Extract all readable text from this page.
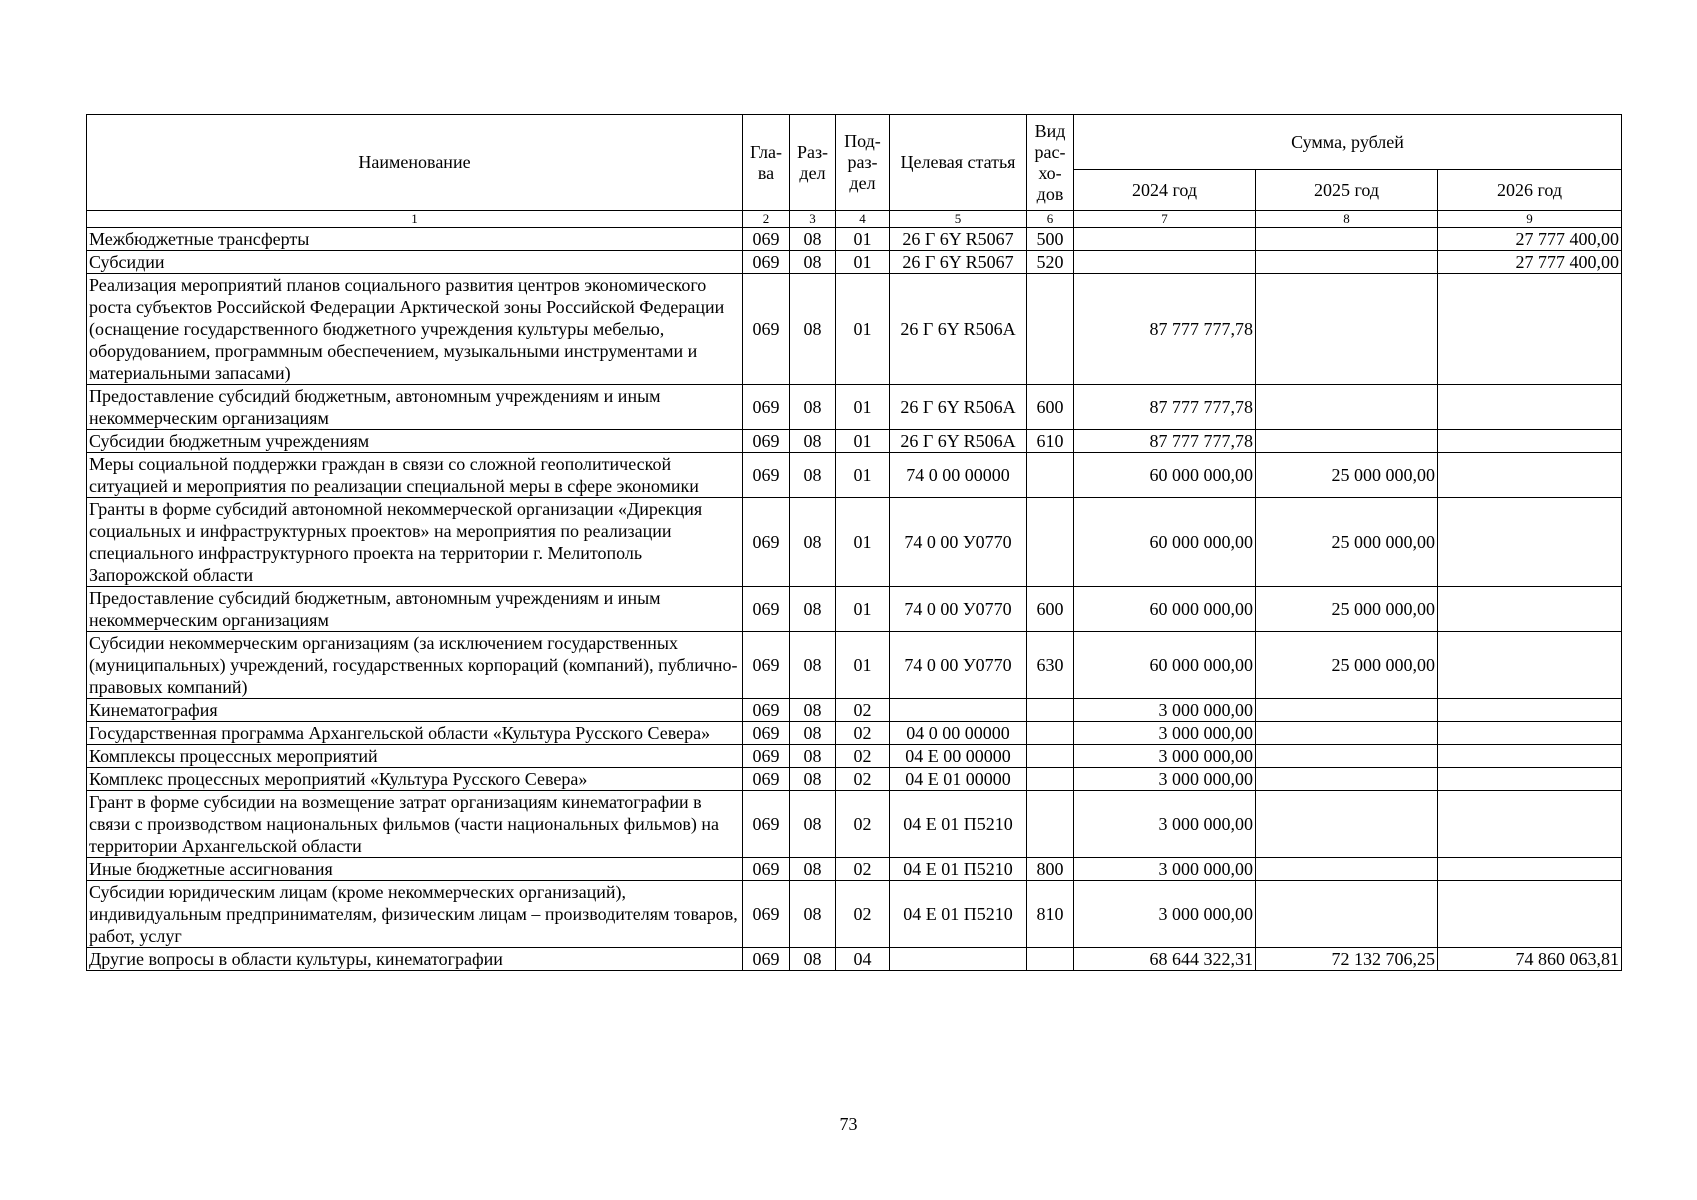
Наименование	Гла-ва	Раз-дел	Под-раз-дел	Целевая статья	Вид рас-хо-дов	Сумма, рублей		
						2024 год	2025 год	2026 год
1	2	3	4	5	6	7	8	9
Межбюджетные трансферты	069	08	01	26 Г 6Y R5067	500			27 777 400,00
Субсидии	069	08	01	26 Г 6Y R5067	520			27 777 400,00
Реализация мероприятий планов социального развития центров экономического роста субъектов Российской Федерации Арктической зоны Российской Федерации (оснащение государственного бюджетного учреждения культуры мебелью, оборудованием, программным обеспечением, музыкальными инструментами и материальными запасами)	069	08	01	26 Г 6Y R506A		87 777 777,78		
Предоставление субсидий бюджетным, автономным учреждениям и иным некоммерческим организациям	069	08	01	26 Г 6Y R506A	600	87 777 777,78		
Субсидии бюджетным учреждениям	069	08	01	26 Г 6Y R506A	610	87 777 777,78		
Меры социальной поддержки граждан в связи со сложной геополитической ситуацией и мероприятия по реализации специальной меры в сфере экономики	069	08	01	74 0 00 00000		60 000 000,00	25 000 000,00	
Гранты в форме субсидий автономной некоммерческой организации «Дирекция социальных и инфраструктурных проектов» на мероприятия по реализации специального инфраструктурного проекта на территории г. Мелитополь Запорожской области	069	08	01	74 0 00 У0770		60 000 000,00	25 000 000,00	
Предоставление субсидий бюджетным, автономным учреждениям и иным некоммерческим организациям	069	08	01	74 0 00 У0770	600	60 000 000,00	25 000 000,00	
Субсидии некоммерческим организациям (за исключением государственных (муниципальных) учреждений, государственных корпораций (компаний), публично-правовых компаний)	069	08	01	74 0 00 У0770	630	60 000 000,00	25 000 000,00	
Кинематография	069	08	02			3 000 000,00		
Государственная программа Архангельской области «Культура Русского Севера»	069	08	02	04 0 00 00000		3 000 000,00		
Комплексы процессных мероприятий	069	08	02	04 Е 00 00000		3 000 000,00		
Комплекс процессных мероприятий «Культура Русского Севера»	069	08	02	04 Е 01 00000		3 000 000,00		
Грант в форме субсидии на возмещение затрат организациям кинематографии в связи с производством национальных фильмов (части национальных фильмов) на территории Архангельской области	069	08	02	04 Е 01 П5210		3 000 000,00		
Иные бюджетные ассигнования	069	08	02	04 Е 01 П5210	800	3 000 000,00		
Субсидии юридическим лицам (кроме некоммерческих организаций), индивидуальным предпринимателям, физическим лицам – производителям товаров, работ, услуг	069	08	02	04 Е 01 П5210	810	3 000 000,00		
Другие вопросы в области культуры, кинематографии	069	08	04			68 644 322,31	72 132 706,25	74 860 063,81
73
